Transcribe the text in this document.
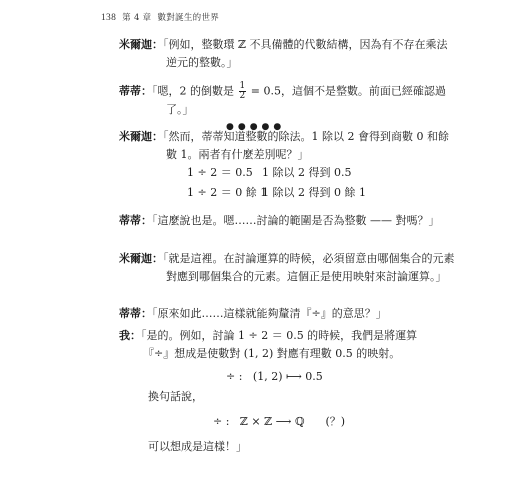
138 第 4 章 數對誕生的世界
米爾迦：「例如，整數環 ℤ 不具備體的代數結構，因為有不存在乘法逆元的整數。」
蒂蒂：「嗯，2 的倒數是 $\frac{1}{2} = 0.5$，這個不是整數。前面已經確認過了。」
●●●●●
米爾迦：「然而，蒂蒂知道整數的除法。1 除以 2 會得到商數 0 和餘數 1。兩者有什麼差別呢？」
1 ÷ 2 ＝ 0.5 1 除以 2 得到 0.5
1 ÷ 2 ＝ 0 餘 1
1 除以 2 得到 0 餘 1
蒂蒂：「這麼說也是。嗯……討論的範圍是否為整數 —— 對嗎？」
米爾迦：「就是這裡。在討論運算的時候，必須留意由哪個集合的元素對應到哪個集合的元素。這個正是使用映射來討論運算。」
蒂蒂：「原來如此……這樣就能夠釐清『÷』的意思？」
我：「是的。例如，討論 1 ÷ 2 ＝ 0.5 的時候，我們是將運算『÷』想成是使數對 (1, 2) 對應有理數 0.5 的映射。
÷ :   (1, 2) ⟼ 0.5
換句話說，
÷ :   ℤ × ℤ ⟶ ℚ      (？)
可以想成是這樣！」
